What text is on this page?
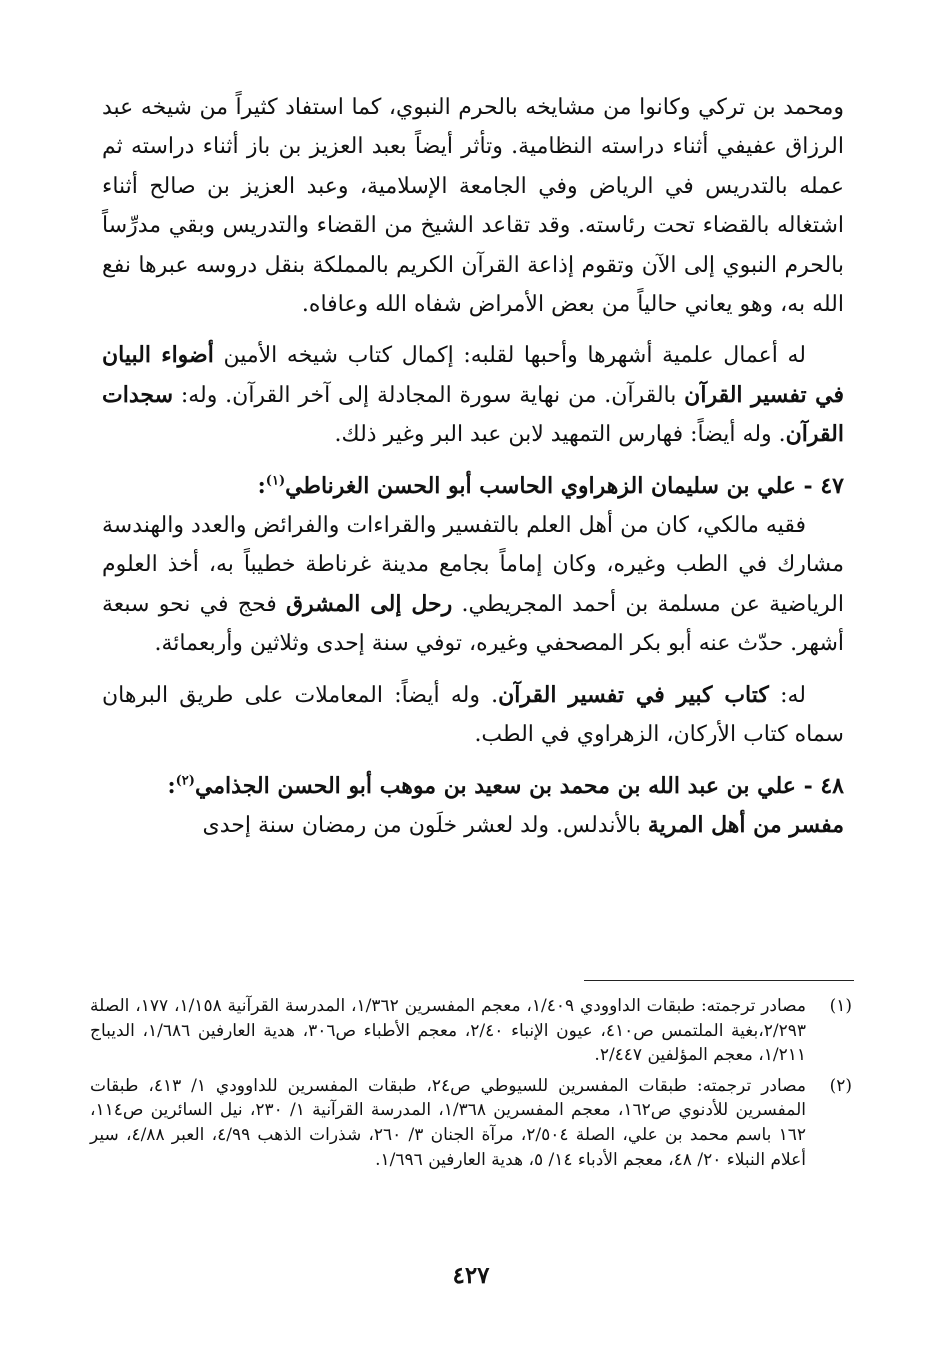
ومحمد بن تركي وكانوا من مشايخه بالحرم النبوي، كما استفاد كثيراً من شيخه عبد الرزاق عفيفي أثناء دراسته النظامية. وتأثر أيضاً بعبد العزيز بن باز أثناء دراسته ثم عمله بالتدريس في الرياض وفي الجامعة الإسلامية، وعبد العزيز بن صالح أثناء اشتغاله بالقضاء تحت رئاسته. وقد تقاعد الشيخ من القضاء والتدريس وبقي مدرِّساً بالحرم النبوي إلى الآن وتقوم إذاعة القرآن الكريم بالمملكة بنقل دروسه عبرها نفع الله به، وهو يعاني حالياً من بعض الأمراض شفاه الله وعافاه.

له أعمال علمية أشهرها وأحبها لقلبه: إكمال كتاب شيخه الأمين أضواء البيان في تفسير القرآن بالقرآن. من نهاية سورة المجادلة إلى آخر القرآن. وله: سجدات القرآن. وله أيضاً: فهارس التمهيد لابن عبد البر وغير ذلك.

٤٧ - علي بن سليمان الزهراوي الحاسب أبو الحسن الغرناطي$^{(١)}$:

فقيه مالكي، كان من أهل العلم بالتفسير والقراءات والفرائض والعدد والهندسة مشارك في الطب وغيره، وكان إماماً بجامع مدينة غرناطة خطيباً به، أخذ العلوم الرياضية عن مسلمة بن أحمد المجريطي. رحل إلى المشرق فحج في نحو سبعة أشهر. حدّث عنه أبو بكر المصحفي وغيره، توفي سنة إحدى وثلاثين وأربعمائة.

له: كتاب كبير في تفسير القرآن. وله أيضاً: المعاملات على طريق البرهان سماه كتاب الأركان، الزهراوي في الطب.

٤٨ - علي بن عبد الله بن محمد بن سعيد بن موهب أبو الحسن الجذامي$^{(٢)}$:

مفسر من أهل المرية بالأندلس. ولد لعشر خلَون من رمضان سنة إحدى

(١)
مصادر ترجمته: طبقات الداوودي ١/٤٠٩، معجم المفسرين ١/٣٦٢، المدرسة القرآنية ١/١٥٨، ١٧٧، الصلة ٢/٢٩٣،بغية الملتمس ص٤١٠، عيون الإنباء ٢/٤٠، معجم الأطباء ص٣٠٦، هدية العارفين ١/٦٨٦، الديباج ١/٢١١، معجم المؤلفين ٢/٤٤٧.
(٢)
مصادر ترجمته: طبقات المفسرين للسيوطي ص٢٤، طبقات المفسرين للداوودي ١/ ٤١٣، طبقات المفسرين للأدنوي ص١٦٢، معجم المفسرين ١/٣٦٨، المدرسة القرآنية ١/ ٢٣٠، نيل السائرين ص١١٤، ١٦٢ باسم محمد بن علي، الصلة ٢/٥٠٤، مرآة الجنان ٣/ ٢٦٠، شذرات الذهب ٤/٩٩، العبر ٤/٨٨، سير أعلام النبلاء ٢٠/ ٤٨، معجم الأدباء ١٤/ ٥، هدية العارفين ١/٦٩٦.
٤٢٧
